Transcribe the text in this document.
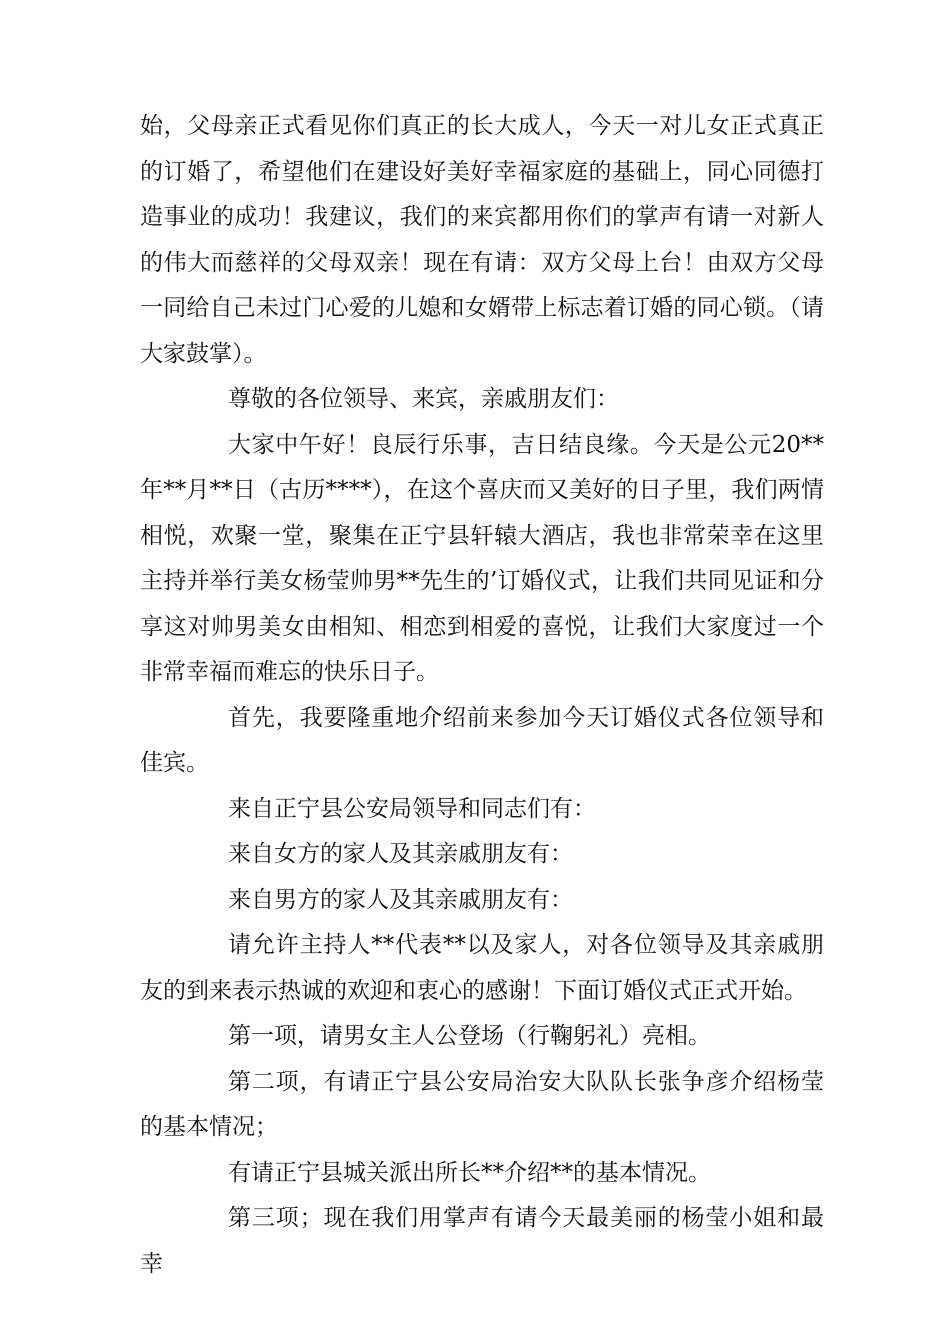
始，父母亲正式看见你们真正的长大成人，今天一对儿女正式真正的订婚了，希望他们在建设好美好幸福家庭的基础上，同心同德打造事业的成功！我建议，我们的来宾都用你们的掌声有请一对新人的伟大而慈祥的父母双亲！现在有请：双方父母上台！由双方父母一同给自己未过门心爱的儿媳和女婿带上标志着订婚的同心锁。（请大家鼓掌）。

尊敬的各位领导、来宾，亲戚朋友们：

大家中午好！良辰行乐事，吉日结良缘。今天是公元20**年**月**日（古历****），在这个喜庆而又美好的日子里，我们两情相悦，欢聚一堂，聚集在正宁县轩辕大酒店，我也非常荣幸在这里主持并举行美女杨莹帅男**先生的’订婚仪式，让我们共同见证和分享这对帅男美女由相知、相恋到相爱的喜悦，让我们大家度过一个非常幸福而难忘的快乐日子。

首先，我要隆重地介绍前来参加今天订婚仪式各位领导和佳宾。

来自正宁县公安局领导和同志们有：

来自女方的家人及其亲戚朋友有：

来自男方的家人及其亲戚朋友有：

请允许主持人**代表**以及家人，对各位领导及其亲戚朋友的到来表示热诚的欢迎和衷心的感谢！下面订婚仪式正式开始。

第一项，请男女主人公登场（行鞠躬礼）亮相。

第二项，有请正宁县公安局治安大队队长张争彦介绍杨莹的基本情况；

有请正宁县城关派出所长**介绍**的基本情况。

第三项；现在我们用掌声有请今天最美丽的杨莹小姐和最幸
